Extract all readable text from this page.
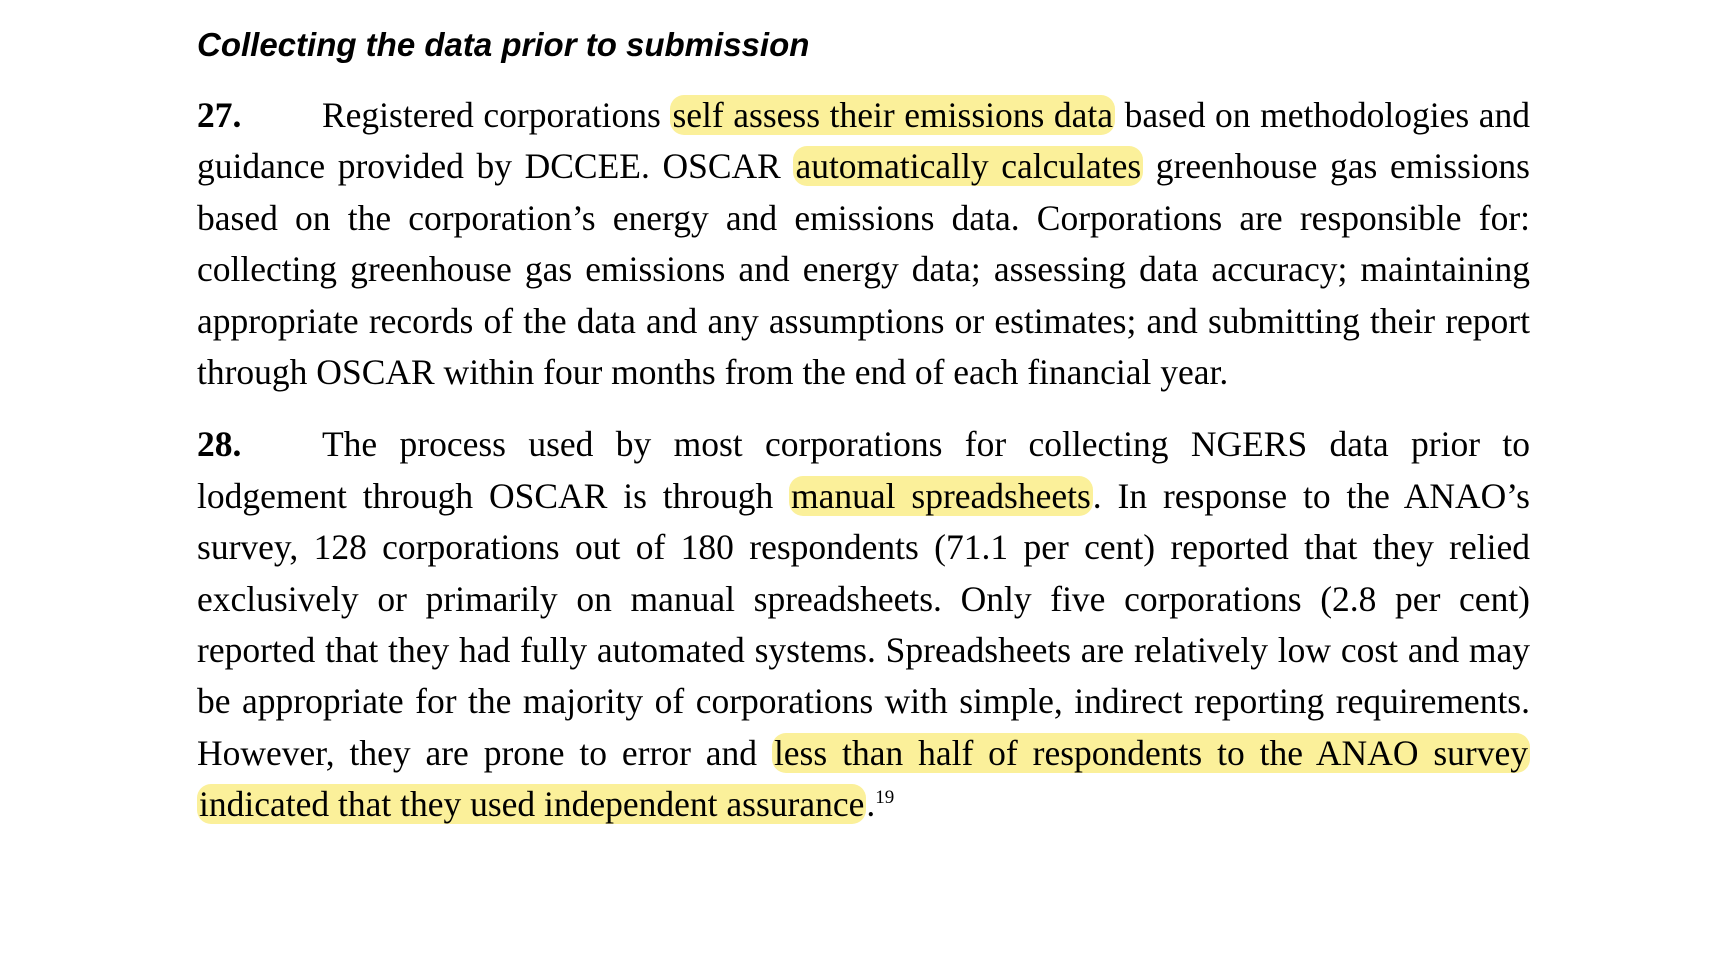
Collecting the data prior to submission

27. Registered corporations self assess their emissions data based on methodologies and guidance provided by DCCEE. OSCAR automatically calculates greenhouse gas emissions based on the corporation’s energy and emissions data. Corporations are responsible for: collecting greenhouse gas emissions and energy data; assessing data accuracy; maintaining appropriate records of the data and any assumptions or estimates; and submitting their report through OSCAR within four months from the end of each financial year.

28. The process used by most corporations for collecting NGERS data prior to lodgement through OSCAR is through manual spreadsheets. In response to the ANAO’s survey, 128 corporations out of 180 respondents (71.1 per cent) reported that they relied exclusively or primarily on manual spreadsheets. Only five corporations (2.8 per cent) reported that they had fully automated systems. Spreadsheets are relatively low cost and may be appropriate for the majority of corporations with simple, indirect reporting requirements. However, they are prone to error and less than half of respondents to the ANAO survey indicated that they used independent assurance.$^{19}$
